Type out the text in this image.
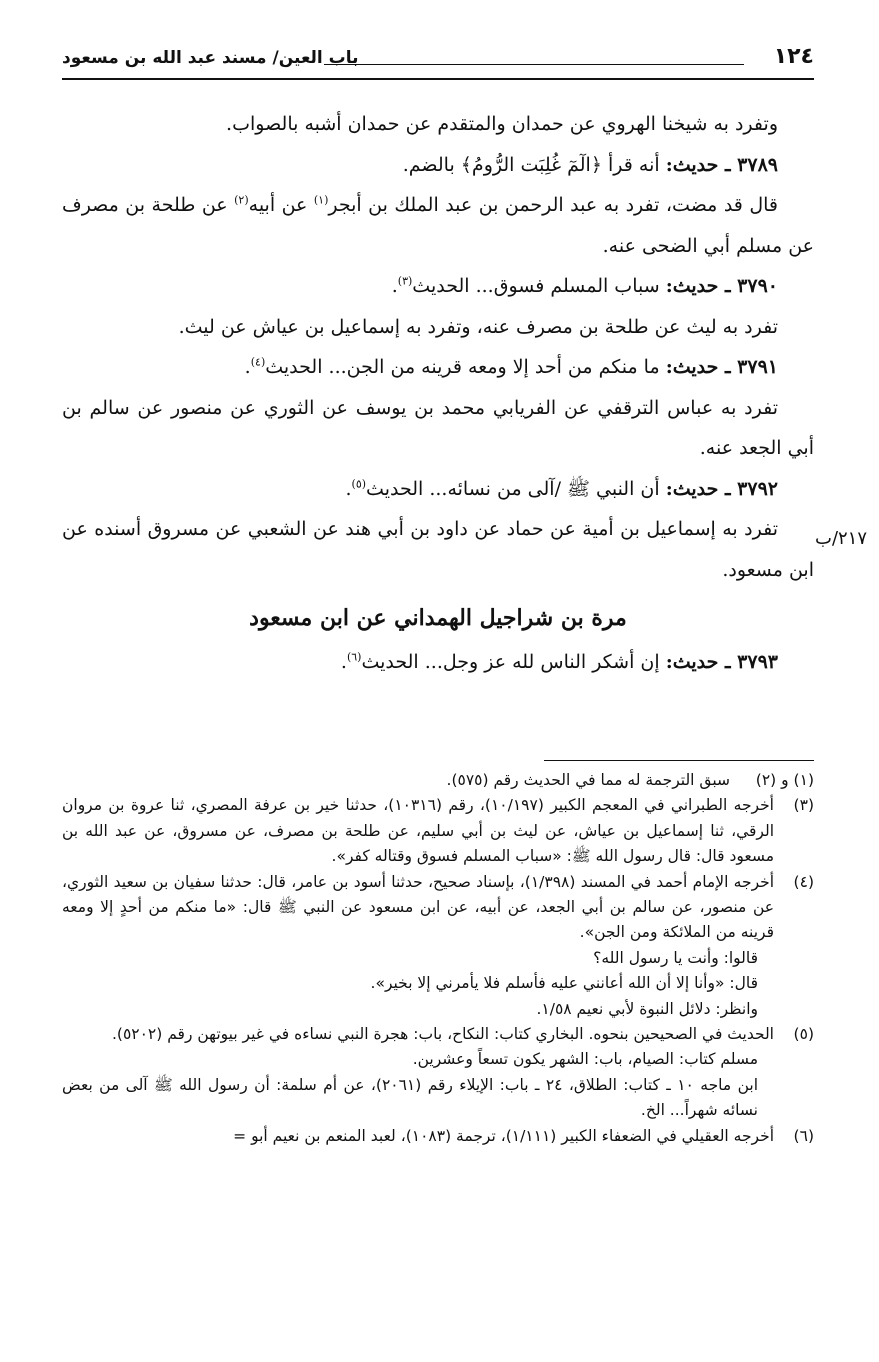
١٢٤
باب العين/ مسند عبد الله بن مسعود

وتفرد به شيخنا الهروي عن حمدان والمتقدم عن حمدان أشبه بالصواب.

٣٧٨٩ ـ حديث: أنه قرأ ﴿الٓمٓ غُلِبَت الرُّومُ﴾ بالضم.

قال قد مضت، تفرد به عبد الرحمن بن عبد الملك بن أبجر$^{(١)}$ عن أبيه$^{(٢)}$ عن طلحة بن مصرف عن مسلم أبي الضحى عنه.

٣٧٩٠ ـ حديث: سباب المسلم فسوق... الحديث$^{(٣)}$.

تفرد به ليث عن طلحة بن مصرف عنه، وتفرد به إسماعيل بن عياش عن ليث.

٣٧٩١ ـ حديث: ما منكم من أحد إلا ومعه قرينه من الجن... الحديث$^{(٤)}$.

تفرد به عباس الترقفي عن الفريابي محمد بن يوسف عن الثوري عن منصور عن سالم بن أبي الجعد عنه.

٣٧٩٢ ـ حديث: أن النبي ﷺ /آلى من نسائه... الحديث$^{(٥)}$.

تفرد به إسماعيل بن أمية عن حماد عن داود بن أبي هند عن الشعبي عن مسروق أسنده عن ابن مسعود.

مرة بن شراجيل الهمداني عن ابن مسعود

٣٧٩٣ ـ حديث: إن أشكر الناس لله عز وجل... الحديث$^{(٦)}$.

٢١٧/ب
(١) و (٢)
سبق الترجمة له مما في الحديث رقم (٥٧٥).
(٣)
أخرجه الطبراني في المعجم الكبير (١٠/١٩٧)، رقم (١٠٣١٦)، حدثنا خير بن عرفة المصري، ثنا عروة بن مروان الرقي، ثنا إسماعيل بن عياش، عن ليث بن أبي سليم، عن طلحة بن مصرف، عن مسروق، عن عبد الله بن مسعود قال: قال رسول الله ﷺ: «سباب المسلم فسوق وقتاله كفر».
(٤)
أخرجه الإمام أحمد في المسند (١/٣٩٨)، بإسناد صحيح، حدثنا أسود بن عامر، قال: حدثنا سفيان بن سعيد الثوري، عن منصور، عن سالم بن أبي الجعد، عن أبيه، عن ابن مسعود عن النبي ﷺ قال: «ما منكم من أحدٍ إلا ومعه قرينه من الملائكة ومن الجن».
قالوا: وأنت يا رسول الله؟
قال: «وأنا إلا أن الله أعانني عليه فأسلم فلا يأمرني إلا بخير».
وانظر: دلائل النبوة لأبي نعيم ١/٥٨.
(٥)
الحديث في الصحيحين بنحوه. البخاري كتاب: النكاح، باب: هجرة النبي نساءه في غير بيوتهن رقم (٥٢٠٢).
مسلم كتاب: الصيام، باب: الشهر يكون تسعاً وعشرين.
ابن ماجه ١٠ ـ كتاب: الطلاق، ٢٤ ـ باب: الإيلاء رقم (٢٠٦١)، عن أم سلمة: أن رسول الله ﷺ آلى من بعض نسائه شهراً... الخ.
(٦)
أخرجه العقيلي في الضعفاء الكبير (١/١١١)، ترجمة (١٠٨٣)، لعبد المنعم بن نعيم أبو =
